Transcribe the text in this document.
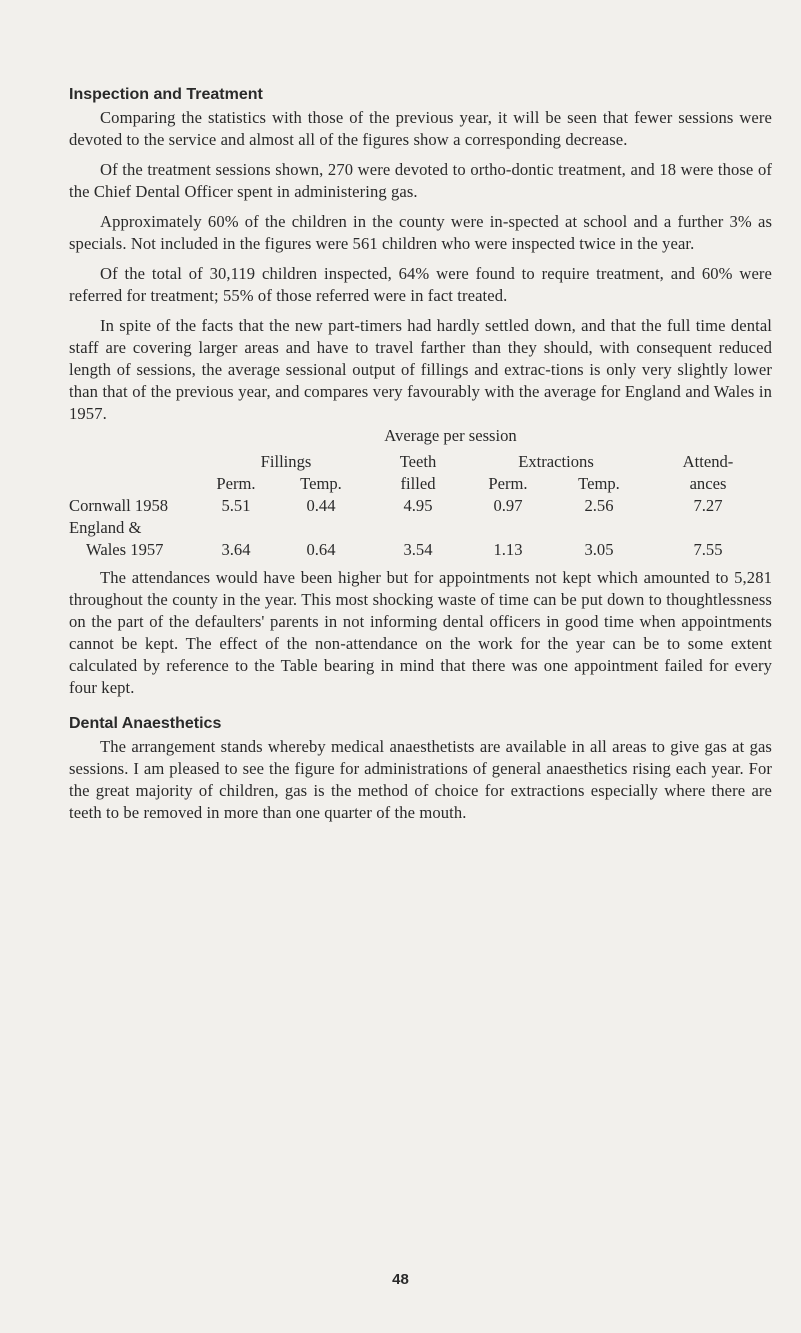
Inspection and Treatment

Comparing the statistics with those of the previous year, it will be seen that fewer sessions were devoted to the service and almost all of the figures show a corresponding decrease.

Of the treatment sessions shown, 270 were devoted to ortho-dontic treatment, and 18 were those of the Chief Dental Officer spent in administering gas.

Approximately 60% of the children in the county were in-spected at school and a further 3% as specials. Not included in the figures were 561 children who were inspected twice in the year.

Of the total of 30,119 children inspected, 64% were found to require treatment, and 60% were referred for treatment; 55% of those referred were in fact treated.

In spite of the facts that the new part-timers had hardly settled down, and that the full time dental staff are covering larger areas and have to travel farther than they should, with consequent reduced length of sessions, the average sessional output of fillings and extrac-tions is only very slightly lower than that of the previous year, and compares very favourably with the average for England and Wales in 1957.

Average per session
	Fillings		Teeth	Extractions		Attend-
	Perm.	Temp.	filled	Perm.	Temp.	ances
Cornwall 1958	5.51	0.44	4.95	0.97	2.56	7.27
England &						
Wales 1957	3.64	0.64	3.54	1.13	3.05	7.55

The attendances would have been higher but for appointments not kept which amounted to 5,281 throughout the county in the year. This most shocking waste of time can be put down to thoughtlessness on the part of the defaulters' parents in not informing dental officers in good time when appointments cannot be kept. The effect of the non-attendance on the work for the year can be to some extent calculated by reference to the Table bearing in mind that there was one appointment failed for every four kept.

Dental Anaesthetics

The arrangement stands whereby medical anaesthetists are available in all areas to give gas at gas sessions. I am pleased to see the figure for administrations of general anaesthetics rising each year. For the great majority of children, gas is the method of choice for extractions especially where there are teeth to be removed in more than one quarter of the mouth.

48
